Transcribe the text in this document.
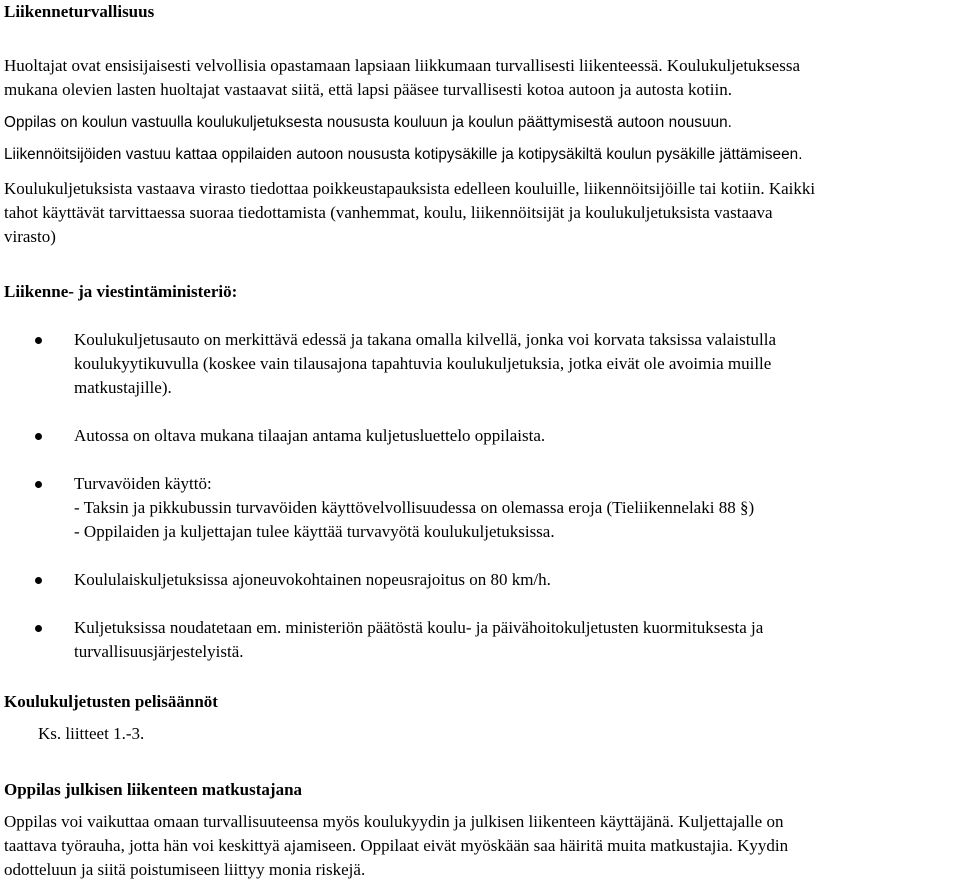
Liikenneturvallisuus

Huoltajat ovat ensisijaisesti velvollisia opastamaan lapsiaan liikkumaan turvallisesti liikenteessä. Koulukuljetuksessa
mukana olevien lasten huoltajat vastaavat siitä, että lapsi pääsee turvallisesti kotoa autoon ja autosta kotiin.

Oppilas on koulun vastuulla koulukuljetuksesta noususta kouluun ja koulun päättymisestä autoon nousuun.

Liikennöitsijöiden vastuu kattaa oppilaiden autoon noususta kotipysäkille ja kotipysäkiltä koulun pysäkille jättämiseen.

Koulukuljetuksista vastaava virasto tiedottaa poikkeustapauksista edelleen kouluille, liikennöitsijöille tai kotiin. Kaikki
tahot käyttävät tarvittaessa suoraa tiedottamista (vanhemmat, koulu, liikennöitsijät ja koulukuljetuksista vastaava
virasto)

Liikenne- ja viestintäministeriö:
Koulukuljetusauto on merkittävä edessä ja takana omalla kilvellä, jonka voi korvata taksissa valaistulla
koulukyytikuvulla (koskee vain tilausajona tapahtuvia koulukuljetuksia, jotka eivät ole avoimia muille
matkustajille).
Autossa on oltava mukana tilaajan antama kuljetusluettelo oppilaista.
Turvavöiden käyttö:
- Taksin ja pikkubussin turvavöiden käyttövelvollisuudessa on olemassa eroja (Tieliikennelaki 88 §)
- Oppilaiden ja kuljettajan tulee käyttää turvavyötä koulukuljetuksissa.
Koululaiskuljetuksissa ajoneuvokohtainen nopeusrajoitus on 80 km/h.
Kuljetuksissa noudatetaan em. ministeriön päätöstä koulu- ja päivähoitokuljetusten kuormituksesta ja
turvallisuusjärjestelyistä.
Koulukuljetusten pelisäännöt

Ks. liitteet 1.-3.

Oppilas julkisen liikenteen matkustajana

Oppilas voi vaikuttaa omaan turvallisuuteensa myös koulukyydin ja julkisen liikenteen käyttäjänä. Kuljettajalle on
taattava työrauha, jotta hän voi keskittyä ajamiseen. Oppilaat eivät myöskään saa häiritä muita matkustajia. Kyydin
odotteluun ja siitä poistumiseen liittyy monia riskejä.
